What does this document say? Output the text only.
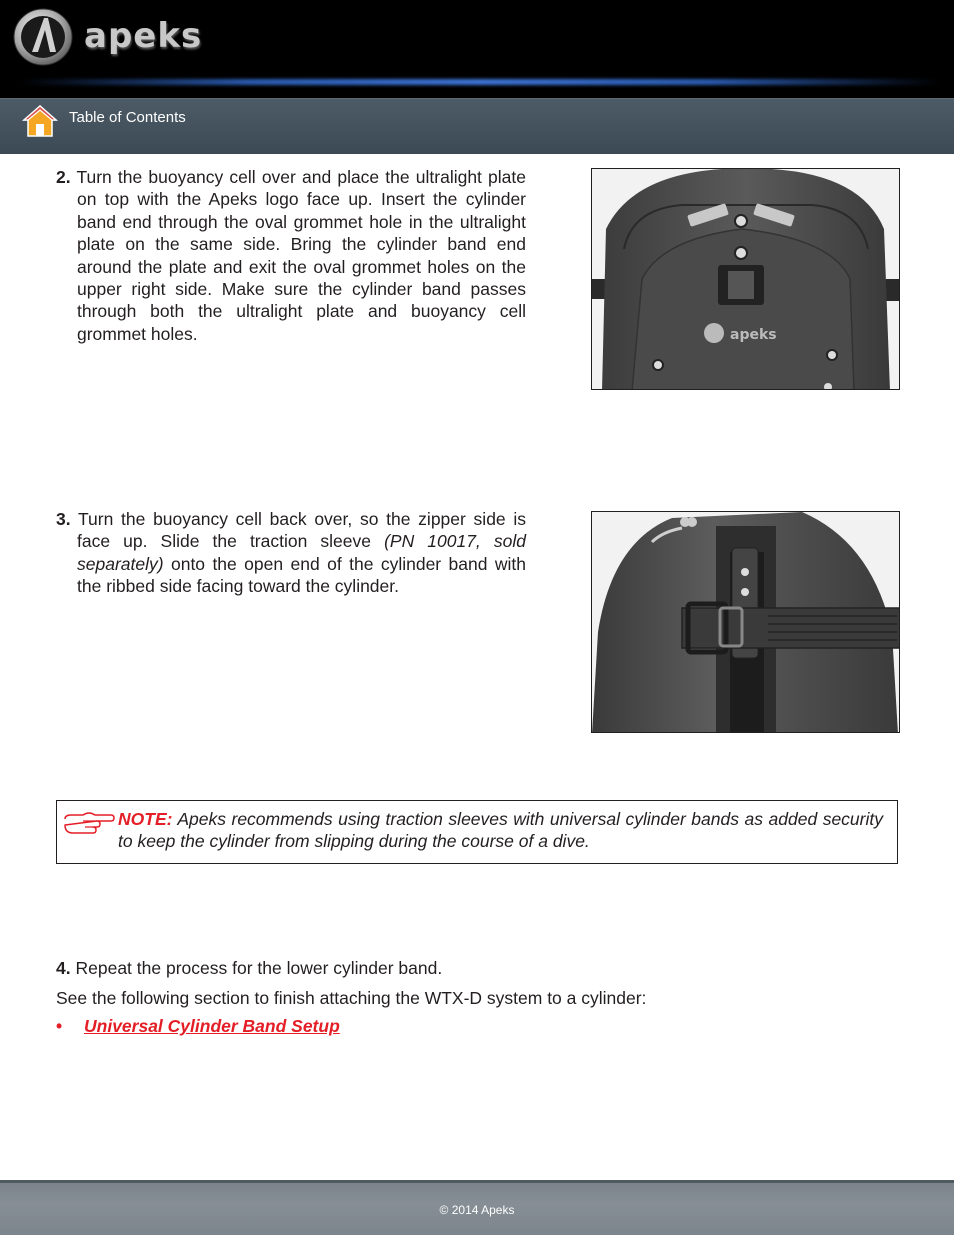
apeks
Table of Contents
2. Turn the buoyancy cell over and place the ultralight plate on top with the Apeks logo face up. Insert the cylinder band end through the oval grommet hole in the ultralight plate on the same side. Bring the cylinder band end around the plate and exit the oval grommet holes on the upper right side. Make sure the cylinder band passes through both the ultralight plate and buoyancy cell grommet holes.	apeks
3. Turn the buoyancy cell back over, so the zipper side is face up. Slide the traction sleeve (PN 10017, sold separately) onto the open end of the cylinder band with the ribbed side facing toward the cylinder.
NOTE: Apeks recommends using traction sleeves with universal cylinder bands as added security to keep the cylinder from slipping during the course of a dive.
4. Repeat the process for the lower cylinder band.
See the following section to finish attaching the WTX-D system to a cylinder:
• Universal Cylinder Band Setup
© 2014 Apeks
